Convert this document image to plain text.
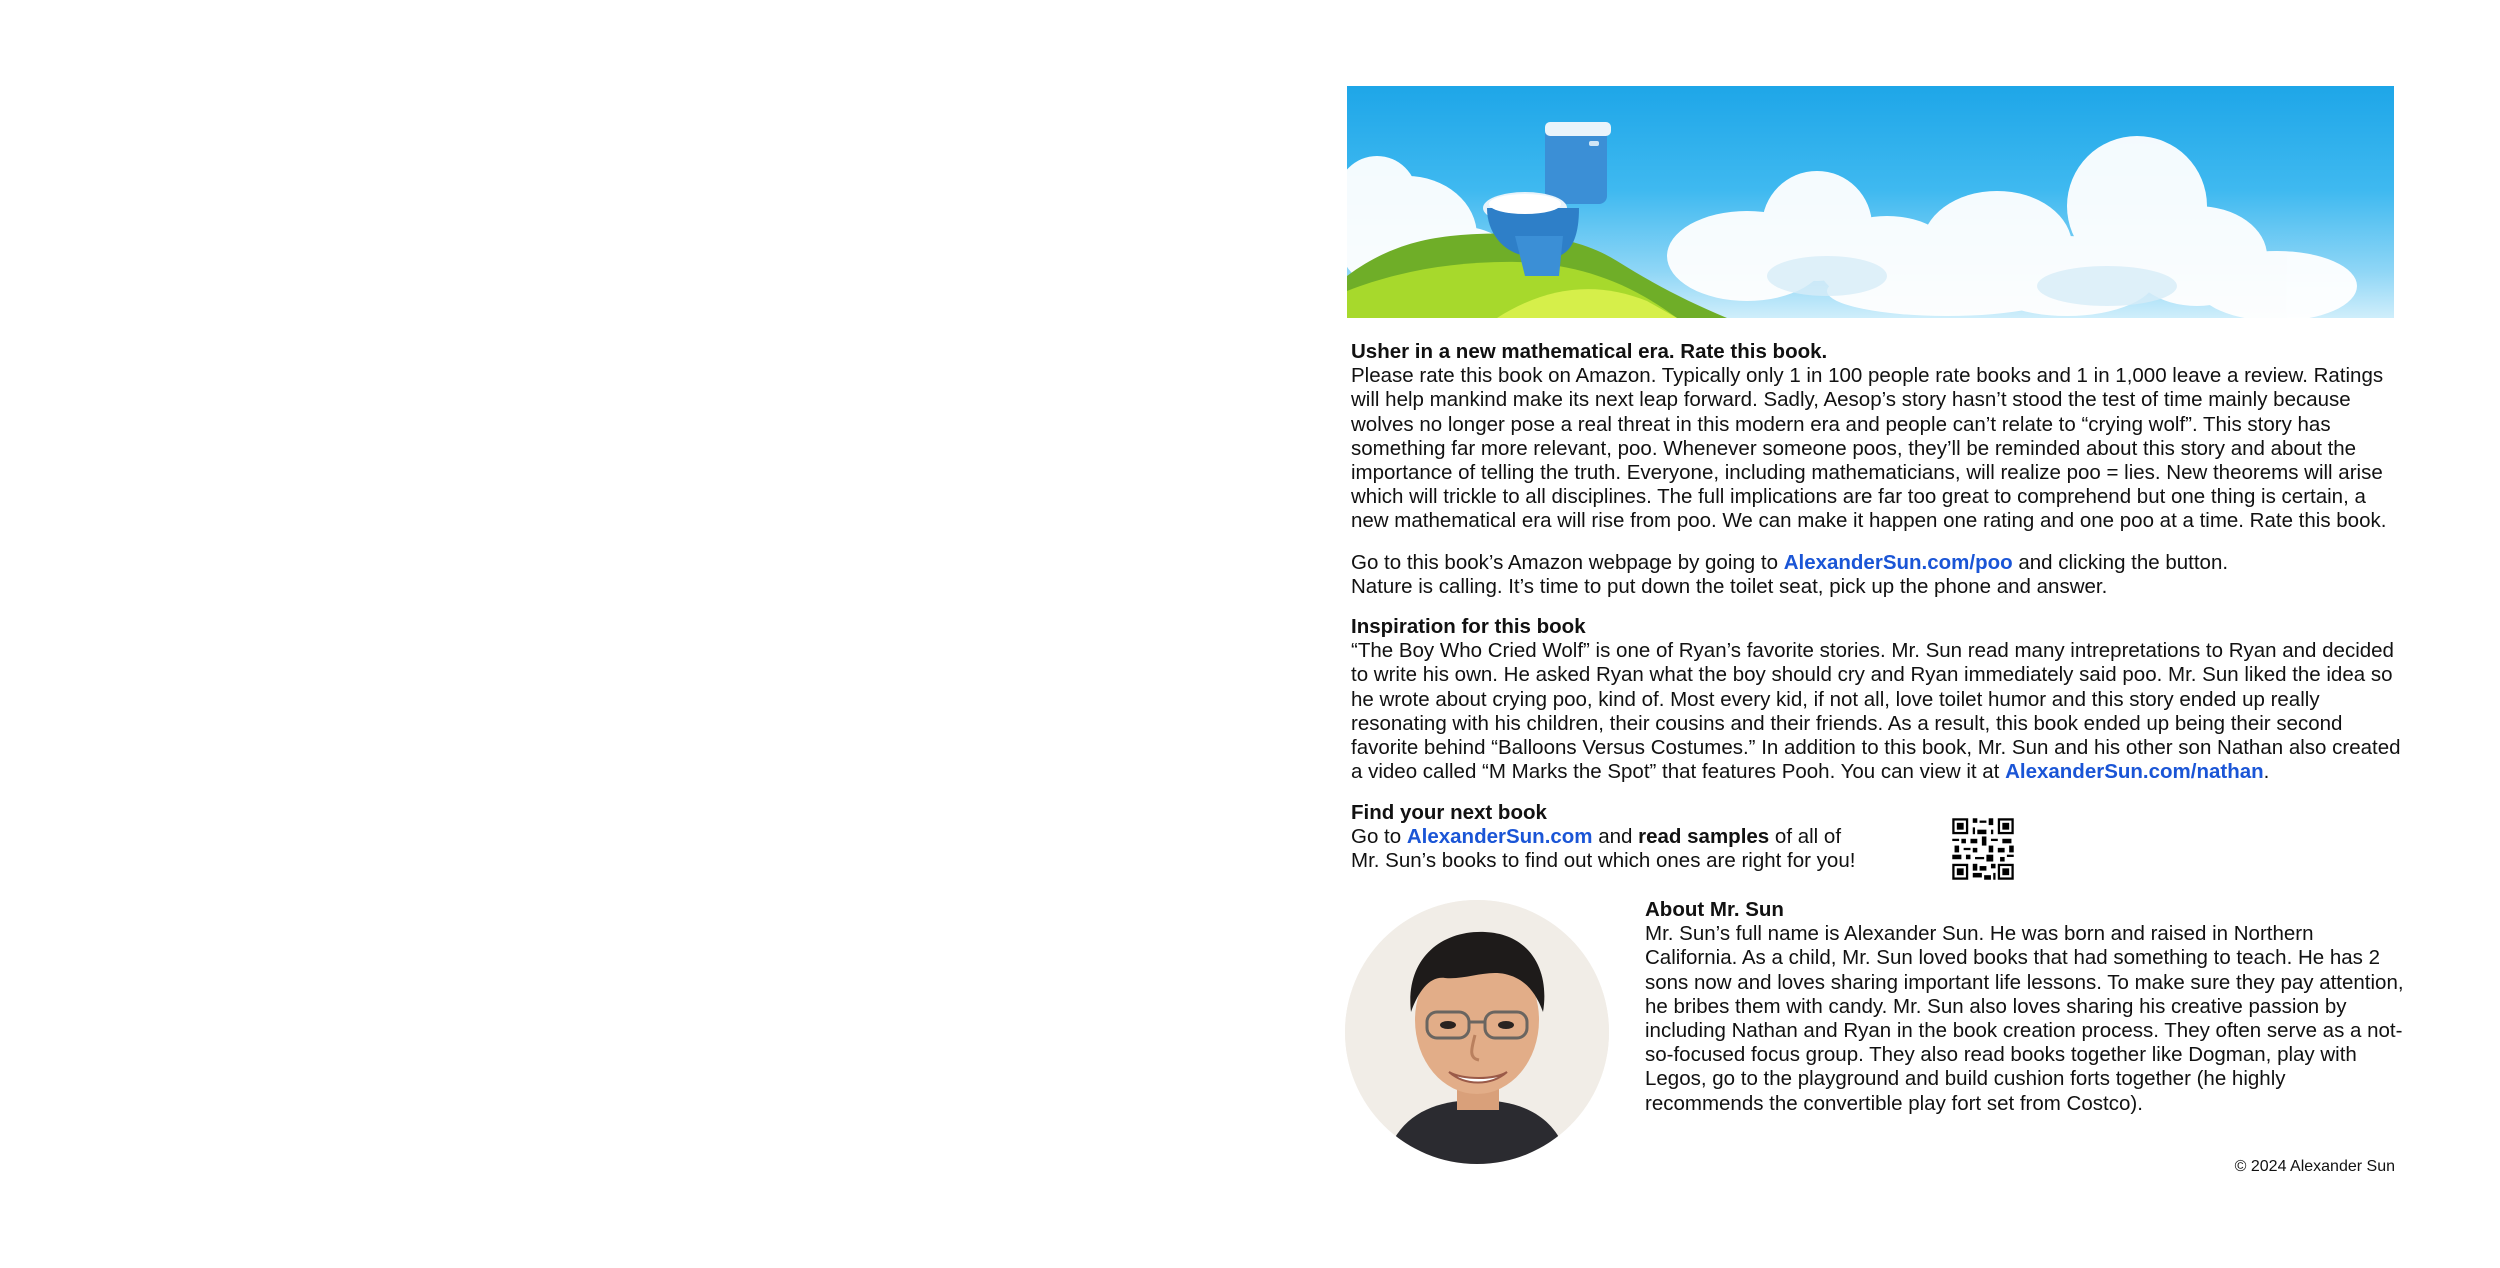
Usher in a new mathematical era. Rate this book.

Please rate this book on Amazon. Typically only 1 in 100 people rate books and 1 in 1,000 leave a review. Ratings will help mankind make its next leap forward. Sadly, Aesop’s story hasn’t stood the test of time mainly because wolves no longer pose a real threat in this modern era and people can’t relate to “crying wolf”. This story has something far more relevant, poo. Whenever someone poos, they’ll be reminded about this story and about the importance of telling the truth. Everyone, including mathematicians, will realize poo = lies. New theorems will arise which will trickle to all disciplines. The full implications are far too great to comprehend but one thing is certain, a new mathematical era will rise from poo. We can make it happen one rating and one poo at a time. Rate this book.

Go to this book’s Amazon webpage by going to AlexanderSun.com/poo and clicking the button.

Nature is calling. It’s time to put down the toilet seat, pick up the phone and answer.

Inspiration for this book

“The Boy Who Cried Wolf” is one of Ryan’s favorite stories. Mr. Sun read many intrepretations to Ryan and decided to write his own. He asked Ryan what the boy should cry and Ryan immediately said poo. Mr. Sun liked the idea so he wrote about crying poo, kind of. Most every kid, if not all, love toilet humor and this story ended up really resonating with his children, their cousins and their friends. As a result, this book ended up being their second favorite behind “Balloons Versus Costumes.” In addition to this book, Mr. Sun and his other son Nathan also created a video called “M Marks the Spot” that features Pooh. You can view it at AlexanderSun.com/nathan.

Find your next book

Go to AlexanderSun.com and read samples of all of

Mr. Sun’s books to find out which ones are right for you!

About Mr. Sun

Mr. Sun’s full name is Alexander Sun. He was born and raised in Northern California. As a child, Mr. Sun loved books that had something to teach. He has 2 sons now and loves sharing important life lessons. To make sure they pay attention, he bribes them with candy. Mr. Sun also loves sharing his creative passion by including Nathan and Ryan in the book creation process. They often serve as a not-so-focused focus group. They also read books together like Dogman, play with Legos, go to the playground and build cushion forts together (he highly recommends the convertible play fort set from Costco).

© 2024 Alexander Sun
